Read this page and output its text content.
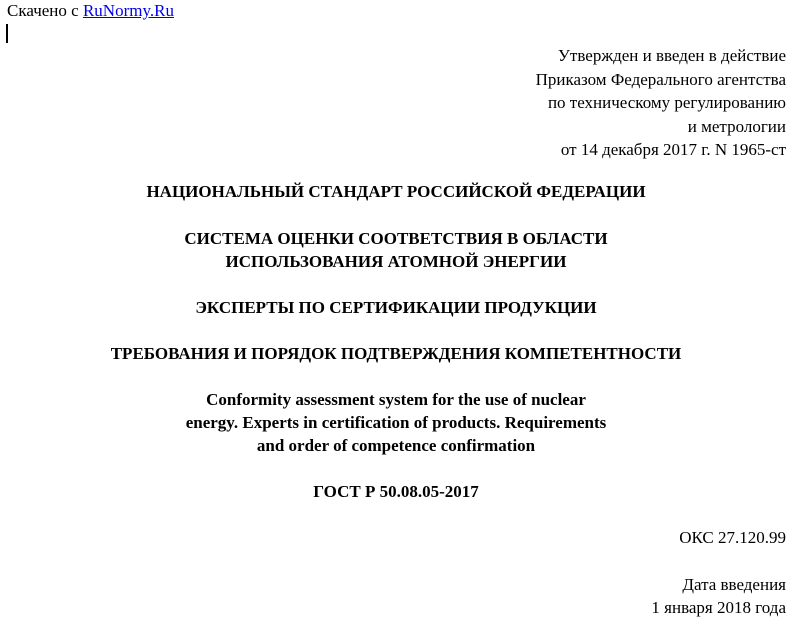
Скачено с RuNormy.Ru
Утвержден и введен в действие
Приказом Федерального агентства
по техническому регулированию
и метрологии
от 14 декабря 2017 г. N 1965-ст
НАЦИОНАЛЬНЫЙ СТАНДАРТ РОССИЙСКОЙ ФЕДЕРАЦИИ
СИСТЕМА ОЦЕНКИ СООТВЕТСТВИЯ В ОБЛАСТИ
ИСПОЛЬЗОВАНИЯ АТОМНОЙ ЭНЕРГИИ
ЭКСПЕРТЫ ПО СЕРТИФИКАЦИИ ПРОДУКЦИИ
ТРЕБОВАНИЯ И ПОРЯДОК ПОДТВЕРЖДЕНИЯ КОМПЕТЕНТНОСТИ
Conformity assessment system for the use of nuclear
energy. Experts in certification of products. Requirements
and order of competence confirmation
ГОСТ Р 50.08.05-2017
ОКС 27.120.99
Дата введения
1 января 2018 года
